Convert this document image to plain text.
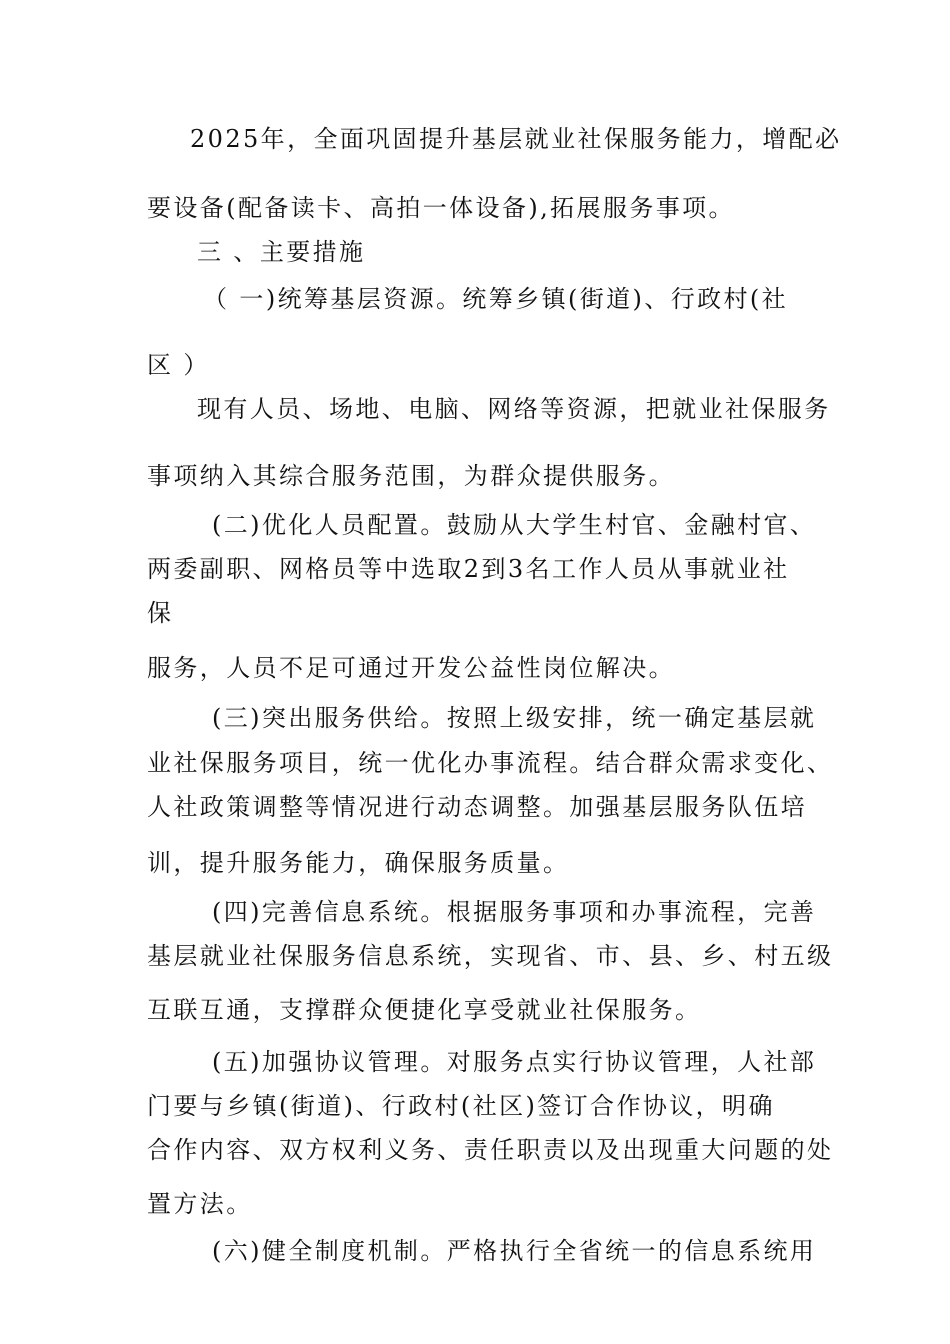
2025年，全面巩固提升基层就业社保服务能力，增配必
要设备(配备读卡、高拍一体设备),拓展服务事项。
三 、主要措施
（ 一)统筹基层资源。统筹乡镇(街道)、行政村(社
区 ）
现有人员、场地、电脑、网络等资源，把就业社保服务
事项纳入其综合服务范围，为群众提供服务。
(二)优化人员配置。鼓励从大学生村官、金融村官、
两委副职、网格员等中选取2到3名工作人员从事就业社
保
服务，人员不足可通过开发公益性岗位解决。
(三)突出服务供给。按照上级安排，统一确定基层就
业社保服务项目，统一优化办事流程。结合群众需求变化、
人社政策调整等情况进行动态调整。加强基层服务队伍培
训，提升服务能力，确保服务质量。
(四)完善信息系统。根据服务事项和办事流程，完善
基层就业社保服务信息系统，实现省、市、县、乡、村五级
互联互通，支撑群众便捷化享受就业社保服务。
(五)加强协议管理。对服务点实行协议管理，人社部
门要与乡镇(街道)、行政村(社区)签订合作协议，明确
合作内容、双方权利义务、责任职责以及出现重大问题的处
置方法。
(六)健全制度机制。严格执行全省统一的信息系统用
